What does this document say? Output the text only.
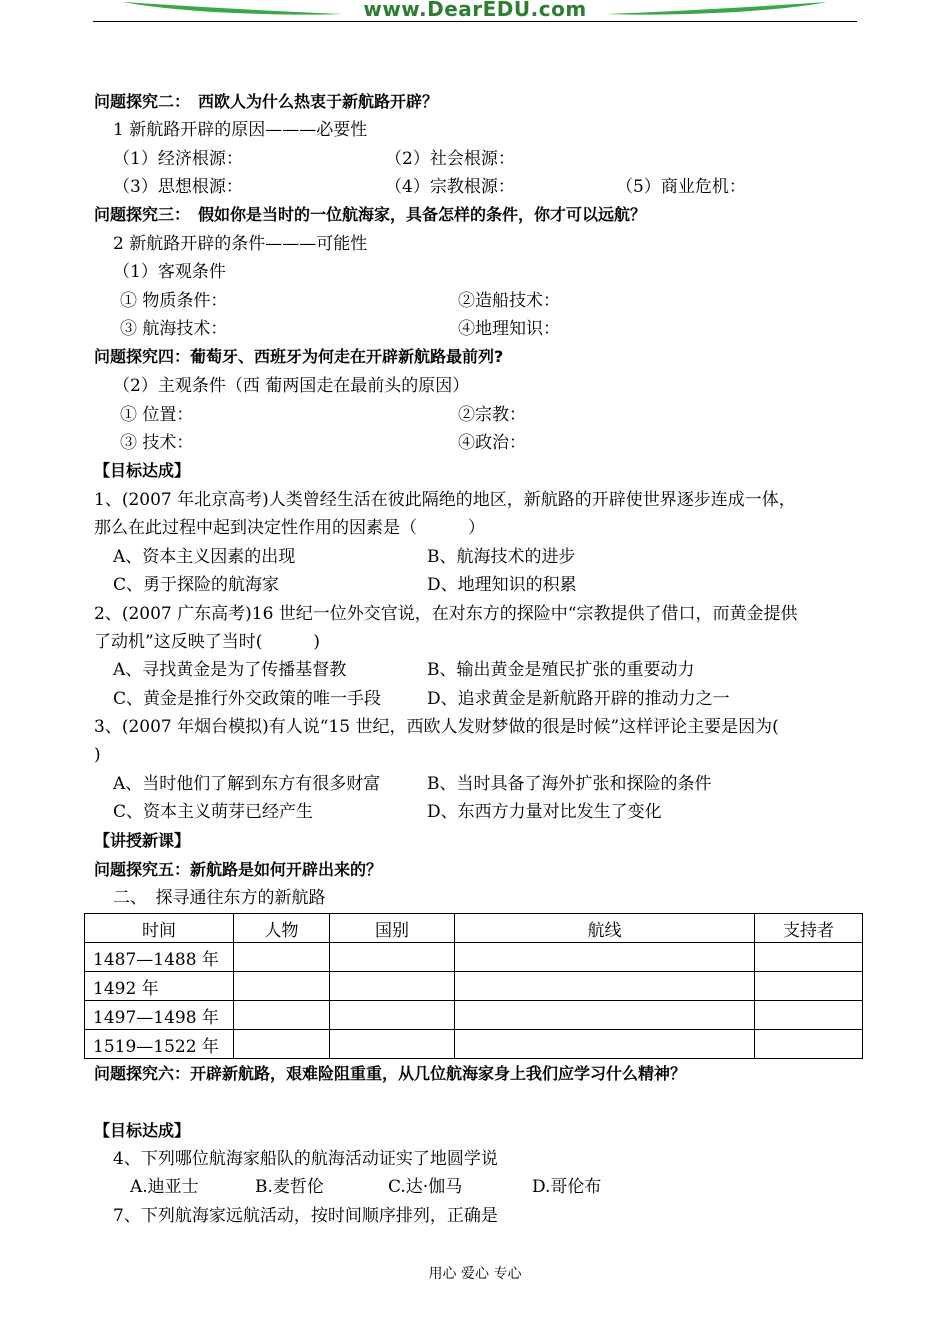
www.DearEDU.com
问题探究二：　西欧人为什么热衷于新航路开辟？
1 新航路开辟的原因———必要性
（1）经济根源：	（2）社会根源：
（3）思想根源：	（4）宗教根源：	（5）商业危机：
问题探究三：　假如你是当时的一位航海家，具备怎样的条件，你才可以远航？
2 新航路开辟的条件———可能性
（1）客观条件
① 物质条件：	②造船技术：
③ 航海技术：	④地理知识：
问题探究四：葡萄牙、西班牙为何走在开辟新航路最前列?
（2）主观条件（西 葡两国走在最前头的原因）
① 位置：	②宗教：
③ 技术：	④政治：
【目标达成】
1、(2007 年北京高考)人类曾经生活在彼此隔绝的地区，新航路的开辟使世界逐步连成一体，
那么在此过程中起到决定性作用的因素是（　　　）
A、资本主义因素的出现	B、航海技术的进步
C、勇于探险的航海家	D、地理知识的积累
2、(2007 广东高考)16 世纪一位外交官说，在对东方的探险中“宗教提供了借口，而黄金提供
了动机”这反映了当时(　　　)
A、寻找黄金是为了传播基督教	B、输出黄金是殖民扩张的重要动力
C、黄金是推行外交政策的唯一手段	D、追求黄金是新航路开辟的推动力之一
3、(2007 年烟台模拟)有人说“15 世纪，西欧人发财梦做的很是时候”这样评论主要是因为(
)
A、当时他们了解到东方有很多财富	B、当时具备了海外扩张和探险的条件
C、资本主义萌芽已经产生	D、东西方力量对比发生了变化
【讲授新课】
问题探究五：新航路是如何开辟出来的？
二、　探寻通往东方的新航路
时间	人物	国别	航线	支持者
1487—1488 年				
1492 年				
1497—1498 年				
1519—1522 年				
问题探究六：开辟新航路，艰难险阻重重，从几位航海家身上我们应学习什么精神？
【目标达成】
4、下列哪位航海家船队的航海活动证实了地圆学说
A.迪亚士	B.麦哲伦	C.达·伽马	D.哥伦布
7、下列航海家远航活动，按时间顺序排列，正确是
用心 爱心 专心
